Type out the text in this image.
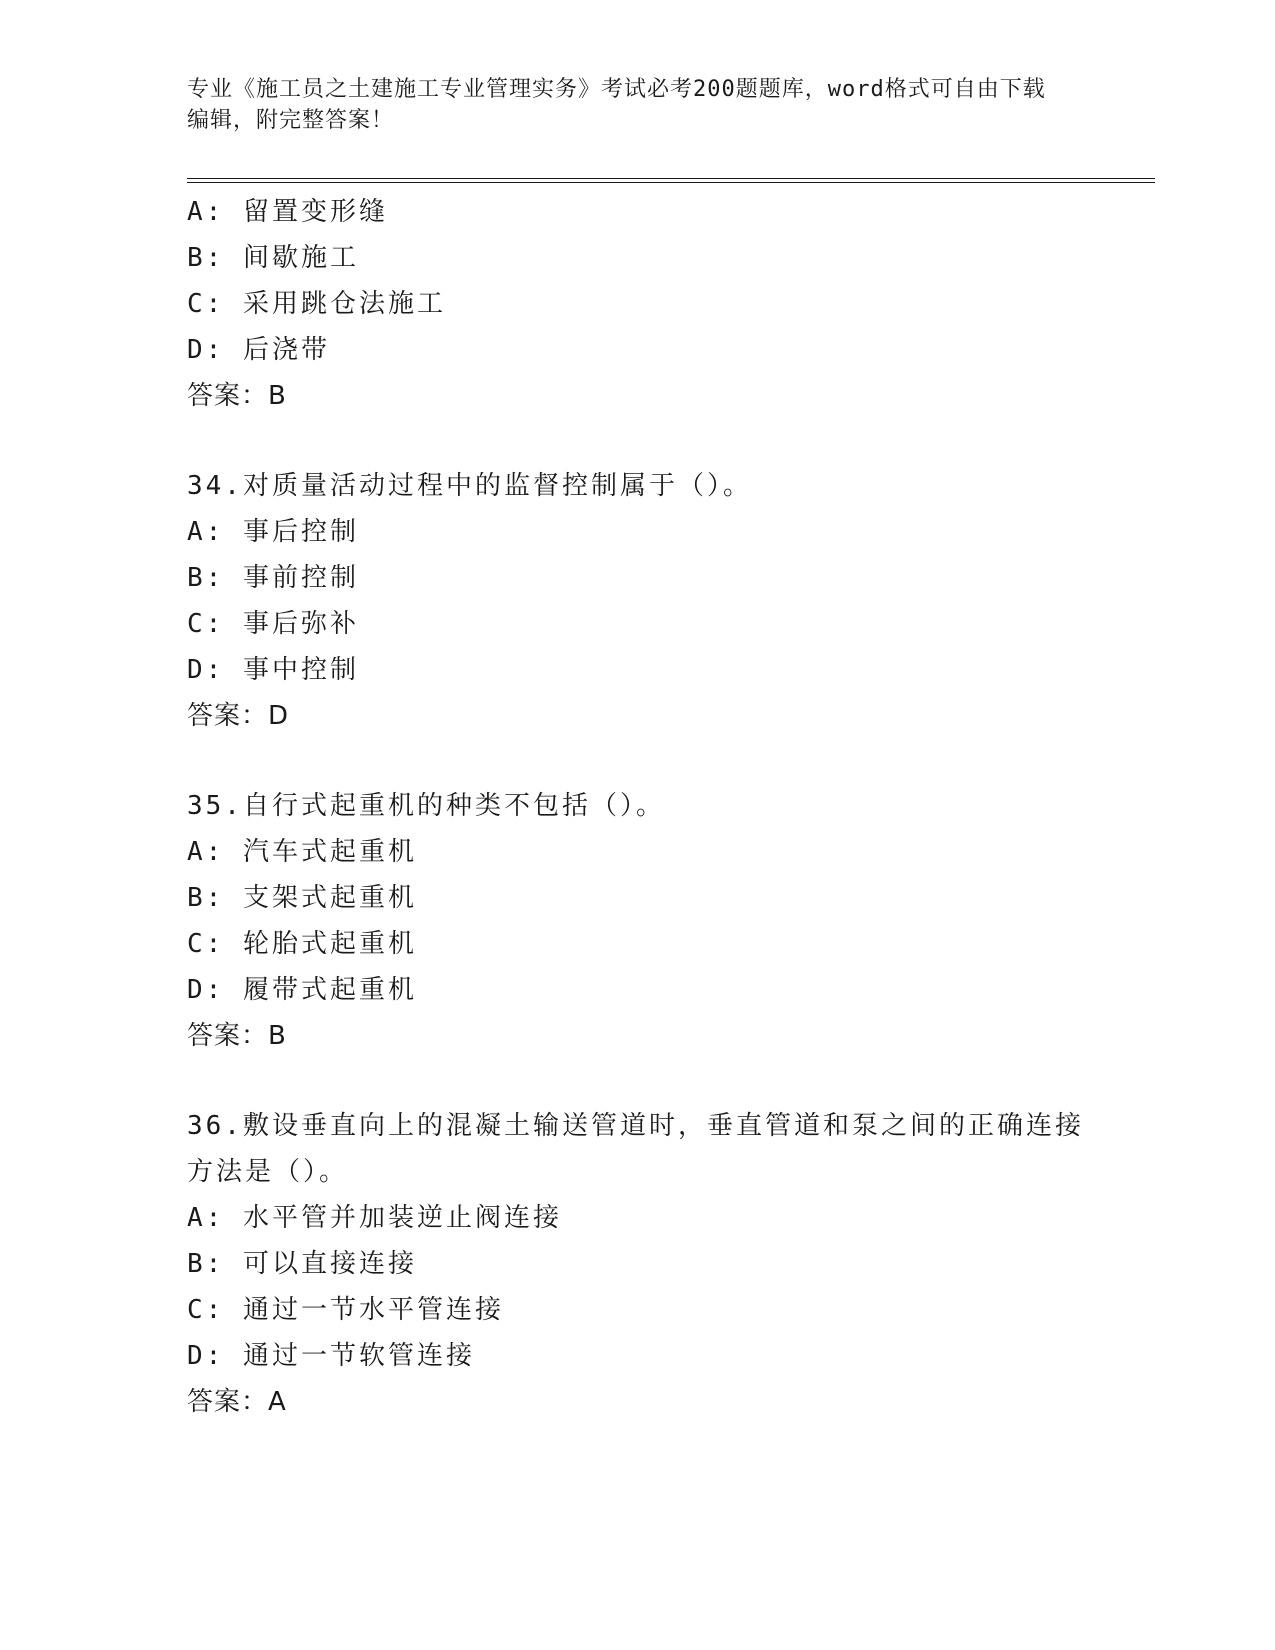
专业《施工员之土建施工专业管理实务》考试必考200题题库，word格式可自由下载编辑，附完整答案！
A: 留置变形缝
B: 间歇施工
C: 采用跳仓法施工
D: 后浇带
答案：B
34.对质量活动过程中的监督控制属于（）。
A: 事后控制
B: 事前控制
C: 事后弥补
D: 事中控制
答案：D
35.自行式起重机的种类不包括（）。
A: 汽车式起重机
B: 支架式起重机
C: 轮胎式起重机
D: 履带式起重机
答案：B
36.敷设垂直向上的混凝土输送管道时，垂直管道和泵之间的正确连接方法是（）。
A: 水平管并加装逆止阀连接
B: 可以直接连接
C: 通过一节水平管连接
D: 通过一节软管连接
答案：A
